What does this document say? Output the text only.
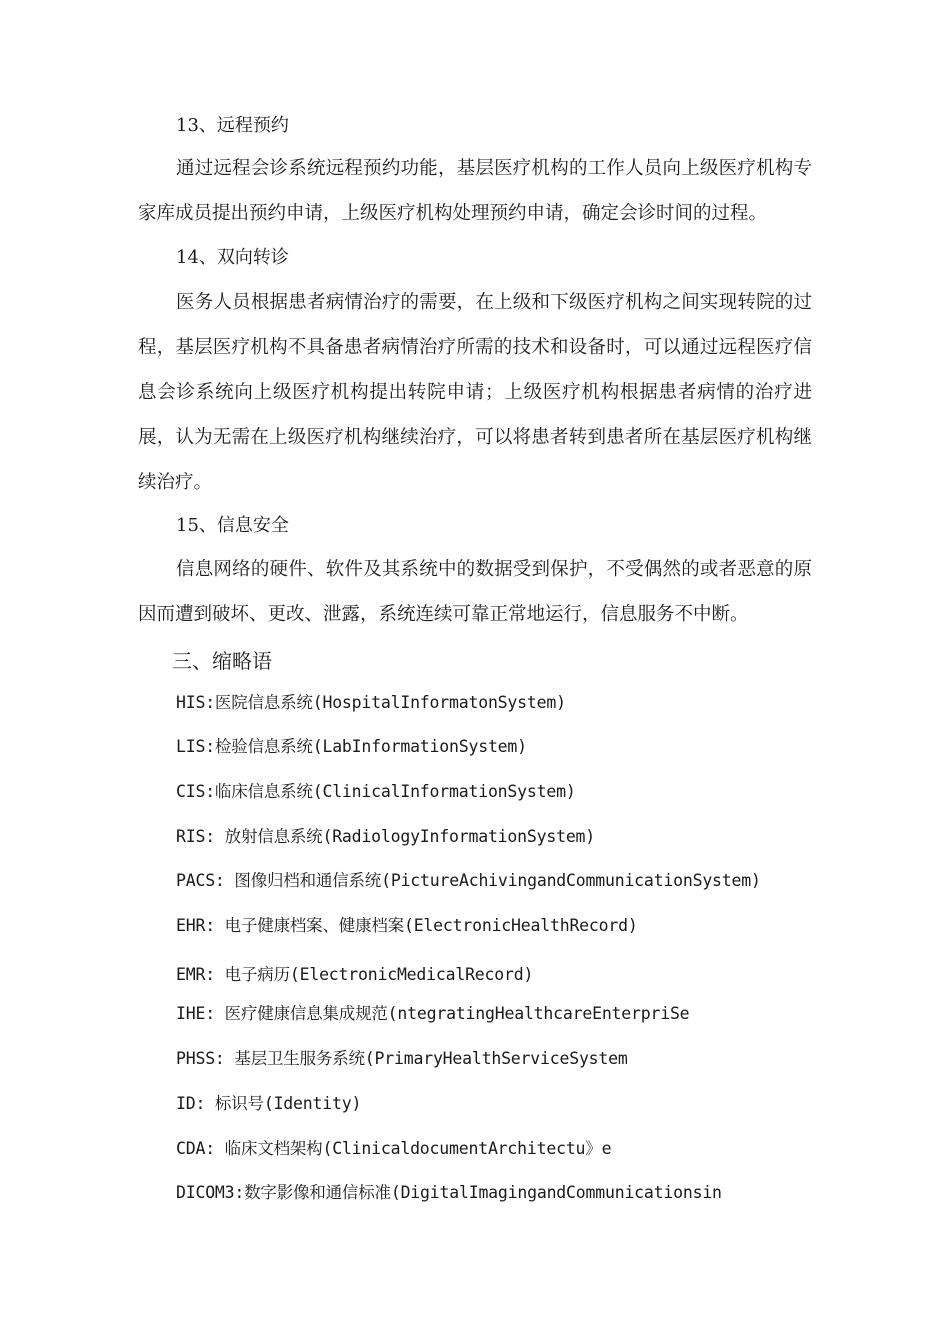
13、远程预约

通过远程会诊系统远程预约功能，基层医疗机构的工作人员向上级医疗机构专家库成员提出预约申请，上级医疗机构处理预约申请，确定会诊时间的过程。

14、双向转诊

医务人员根据患者病情治疗的需要，在上级和下级医疗机构之间实现转院的过程，基层医疗机构不具备患者病情治疗所需的技术和设备时，可以通过远程医疗信息会诊系统向上级医疗机构提出转院申请；上级医疗机构根据患者病情的治疗进展，认为无需在上级医疗机构继续治疗，可以将患者转到患者所在基层医疗机构继续治疗。

15、信息安全

信息网络的硬件、软件及其系统中的数据受到保护，不受偶然的或者恶意的原因而遭到破坏、更改、泄露，系统连续可靠正常地运行，信息服务不中断。

三、缩略语
HIS:医院信息系统(HospitalInformatonSystem)
LIS:检验信息系统(LabInformationSystem)
CIS:临床信息系统(ClinicalInformationSystem)
RIS: 放射信息系统(RadiologyInformationSystem)
PACS: 图像归档和通信系统(PictureAchivingandCommunicationSystem)
EHR: 电子健康档案、健康档案(ElectronicHealthRecord)
EMR: 电子病历(ElectronicMedicalRecord)
IHE: 医疗健康信息集成规范(ntegratingHealthcareEnterpriSe
PHSS: 基层卫生服务系统(PrimaryHealthServiceSystem
ID: 标识号(Identity)
CDA: 临床文档架构(ClinicaldocumentArchitectu》e
DICOM3:数字影像和通信标准(DigitalImagingandCommunicationsin
